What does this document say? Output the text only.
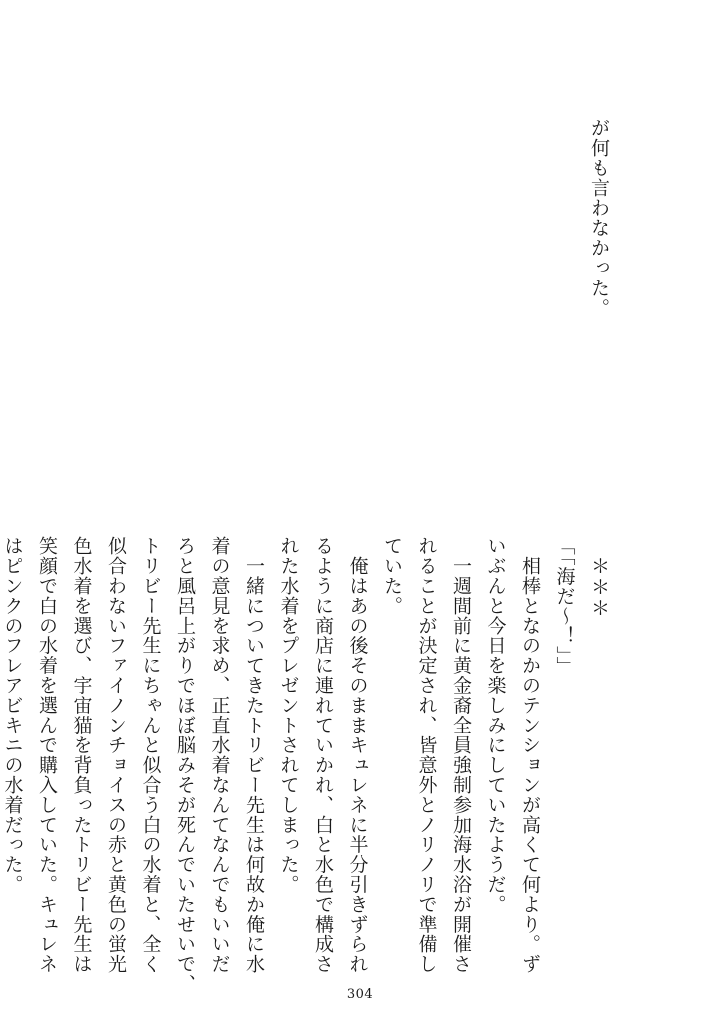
が何も言わなかった。
＊＊＊
「「海だ～！」」
　相棒となのかのテンションが高くて何より。ず
いぶんと今日を楽しみにしていたようだ。
　一週間前に黄金裔全員強制参加海水浴が開催さ
れることが決定され、皆意外とノリノリで準備し
ていた。
　俺はあの後そのままキュレネに半分引きずられ
るように商店に連れていかれ、白と水色で構成さ
れた水着をプレゼントされてしまった。
　一緒についてきたトリビー先生は何故か俺に水
着の意見を求め、正直水着なんてなんでもいいだ
ろと風呂上がりでほぼ脳みそが死んでいたせいで、
トリビー先生にちゃんと似合う白の水着と、全く
似合わないファイノンチョイスの赤と黄色の蛍光
色水着を選び、宇宙猫を背負ったトリビー先生は
笑顔で白の水着を選んで購入していた。キュレネ
はピンクのフレアビキニの水着だった。
304
